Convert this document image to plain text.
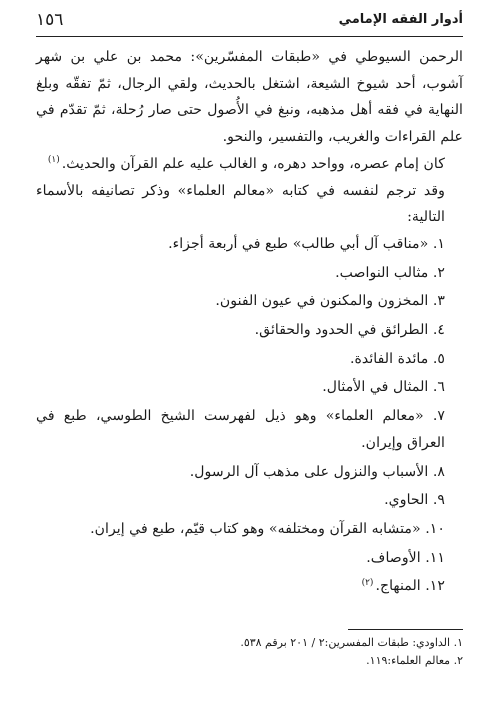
أدوار الفقه الإمامي
١٥٦

الرحمن السيوطي في «طبقات المفسّرين»: محمد بن علي بن شهر آشوب، أحد شيوخ الشيعة، اشتغل بالحديث، ولقي الرجال، ثمّ تفقّه وبلغ النهاية في فقه أهل مذهبه، ونبغ في الأُصول حتى صار رُحلة، ثمّ تقدّم في علم القراءات والغريب، والتفسير، والنحو.

كان إمام عصره، وواحد دهره، و الغالب عليه علم القرآن والحديث.$^{(١)}$

وقد ترجم لنفسه في كتابه «معالم العلماء» وذكر تصانيفه بالأسماء التالية:

١. «مناقب آل أبي طالب» طبع في أربعة أجزاء.
٢. مثالب النواصب.
٣. المخزون والمكنون في عيون الفنون.
٤. الطرائق في الحدود والحقائق.
٥. مائدة الفائدة.
٦. المثال في الأمثال.
٧. «معالم العلماء» وهو ذيل لفهرست الشيخ الطوسي، طبع في العراق وإيران.
٨. الأسباب والنزول على مذهب آل الرسول.
٩. الحاوي.
١٠. «متشابه القرآن ومختلفه» وهو كتاب قيّم، طبع في إيران.
١١. الأوصاف.
١٢. المنهاج.$^{(٢)}$
١. الداودي: طبقات المفسرين:٢ / ٢٠١ برقم ٥٣٨.
٢. معالم العلماء:١١٩.
